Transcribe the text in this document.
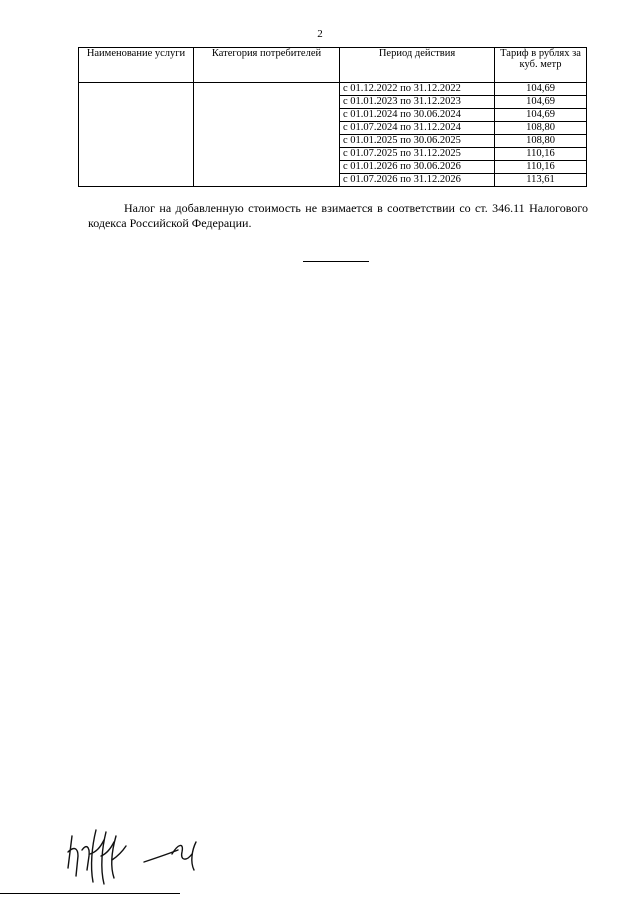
2
Наименование услуги	Категория потребителей	Период действия	Тариф в рублях за куб. метр
		с 01.12.2022 по 31.12.2022	104,69
		с 01.01.2023 по 31.12.2023	104,69
		с 01.01.2024 по 30.06.2024	104,69
		с 01.07.2024 по 31.12.2024	108,80
		с 01.01.2025 по 30.06.2025	108,80
		с 01.07.2025 по 31.12.2025	110,16
		с 01.01.2026 по 30.06.2026	110,16
		с 01.07.2026 по 31.12.2026	113,61

Налог на добавленную стоимость не взимается в соответствии со ст. 346.11 Налогового кодекса Российской Федерации.
